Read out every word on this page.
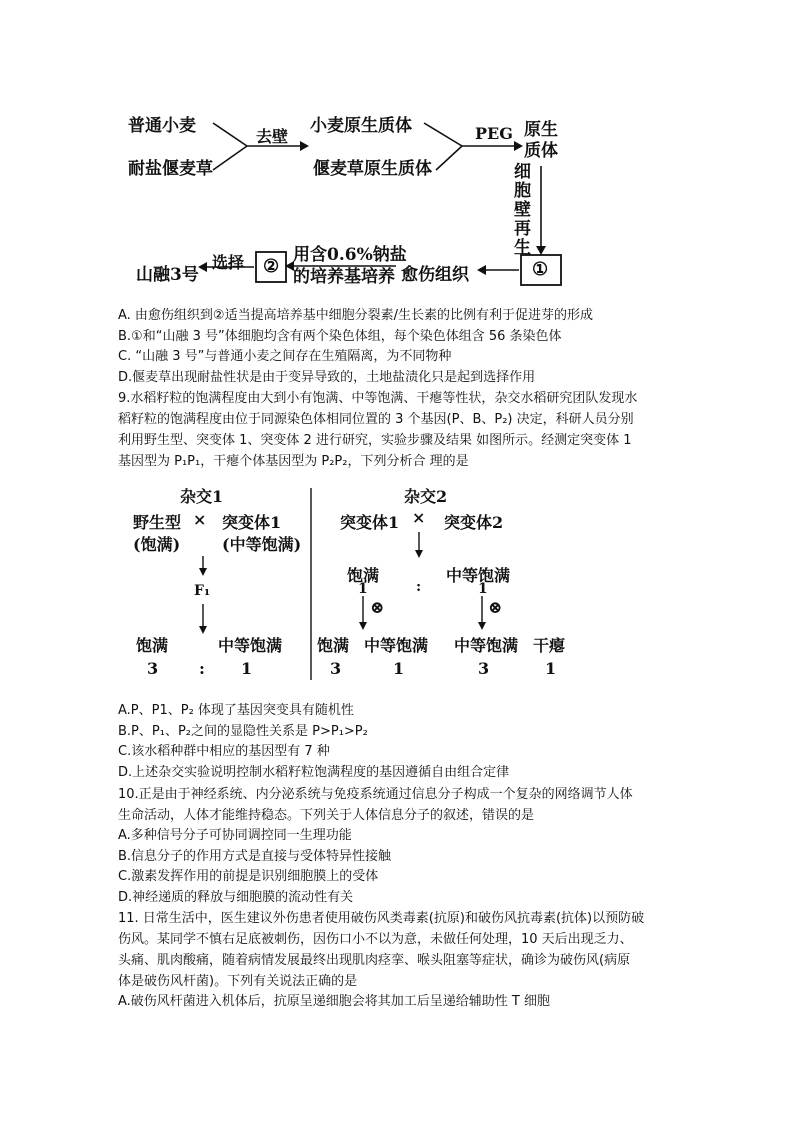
普通小麦
耐盐偃麦草
去壁
小麦原生质体
偃麦草原生质体
PEG 原生
质体
细
胞
壁
再
生
①
愈伤组织
用含0.6%钠盐
的培养基培养
②
选择
山融3号
A. 由愈伤组织到②适当提高培养基中细胞分裂素/生长素的比例有利于促进芽的形成
B.①和“山融 3 号”体细胞均含有两个染色体组，每个染色体组含 56 条染色体
C. “山融 3 号”与普通小麦之间存在生殖隔离，为不同物种
D.偃麦草出现耐盐性状是由于变异导致的，土地盐渍化只是起到选择作用
9.水稻籽粒的饱满程度由大到小有饱满、中等饱满、干瘪等性状，杂交水稻研究团队发现水
稻籽粒的饱满程度由位于同源染色体相同位置的 3 个基因(P、B、P₂) 决定，科研人员分别
利用野生型、突变体 1、突变体 2 进行研究，实验步骤及结果 如图所示。经测定突变体 1
基因型为 P₁P₁，干瘪个体基因型为 P₂P₂，下列分析合 理的是
杂交1
野生型
(饱满)
× 突变体1
(中等饱满)
F₁
饱满	中等饱满
3	: 1
杂交2
突变体1 × 突变体2
饱满	中等饱满
1	:	1
⊗	⊗
饱满 中等饱满 中等饱满 干瘪
3	1	3	1
A.P、P1、P₂ 体现了基因突变具有随机性
B.P、P₁、P₂之间的显隐性关系是 P>P₁>P₂
C.该水稻种群中相应的基因型有 7 种
D.上述杂交实验说明控制水稻籽粒饱满程度的基因遵循自由组合定律
10.正是由于神经系统、内分泌系统与免疫系统通过信息分子构成一个复杂的网络调节人体
生命活动，人体才能维持稳态。下列关于人体信息分子的叙述，错误的是
A.多种信号分子可协同调控同一生理功能
B.信息分子的作用方式是直接与受体特异性接触
C.激素发挥作用的前提是识别细胞膜上的受体
D.神经递质的释放与细胞膜的流动性有关
11. 日常生活中，医生建议外伤患者使用破伤风类毒素(抗原)和破伤风抗毒素(抗体)以预防破
伤风。某同学不慎右足底被刺伤，因伤口小不以为意，未做任何处理，10 天后出现乏力、
头痛、肌肉酸痛，随着病情发展最终出现肌肉痉挛、喉头阻塞等症状，确诊为破伤风(病原
体是破伤风杆菌)。下列有关说法正确的是
A.破伤风杆菌进入机体后，抗原呈递细胞会将其加工后呈递给辅助性 T 细胞
